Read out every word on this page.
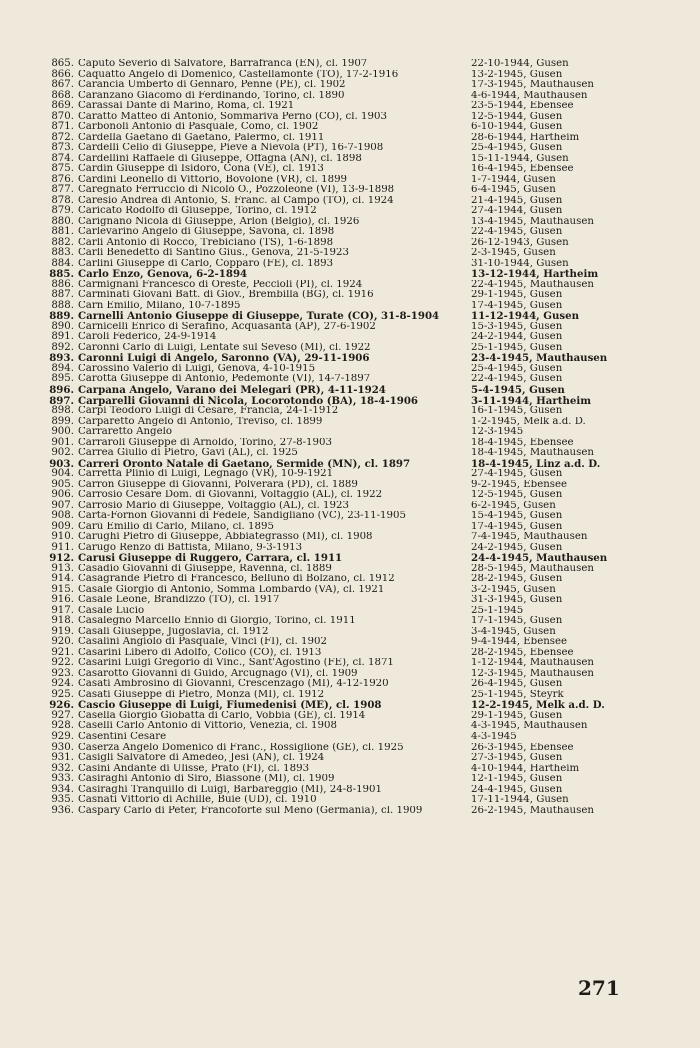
865. Caputo Severio di Salvatore, Barrafranca (EN), cl. 1907	22-10-1944, Gusen
866. Caquatto Angelo di Domenico, Castellamonte (TO), 17-2-1916	13-2-1945, Gusen
867. Carancia Umberto di Gennaro, Penne (PE), cl. 1902	17-3-1945, Mauthausen
868. Caranzano Giacomo di Ferdinando, Torino, cl. 1890	4-6-1944, Mauthausen
869. Carassai Dante di Marino, Roma, cl. 1921	23-5-1944, Ebensee
870. Caratto Matteo di Antonio, Sommariva Perno (CO), cl. 1903	12-5-1944, Gusen
871. Carbonoli Antonio di Pasquale, Como, cl. 1902	6-10-1944, Gusen
872. Cardella Gaetano di Gaetano, Palermo, cl. 1911	28-6-1944, Hartheim
873. Cardelli Celio di Giuseppe, Pieve a Nievola (PT), 16-7-1908	25-4-1945, Gusen
874. Cardellini Raffaele di Giuseppe, Offagna (AN), cl. 1898	15-11-1944, Gusen
875. Cardin Giuseppe di Isidoro, Cona (VE), cl. 1913	16-4-1945, Ebensee
876. Cardini Leonello di Vittorio, Bovolone (VR), cl. 1899	1-7-1944, Gusen
877. Caregnato Ferruccio di Nicolò O., Pozzoleone (VI), 13-9-1898	6-4-1945, Gusen
878. Caresio Andrea di Antonio, S. Franc. al Campo (TO), cl. 1924	21-4-1945, Gusen
879. Caricato Rodolfo di Giuseppe, Torino, cl. 1912	27-4-1944, Gusen
880. Carignano Nicola di Giuseppe, Arlon (Belgio), cl. 1926	13-4-1945, Mauthausen
881. Carlevarino Angelo di Giuseppe, Savona, cl. 1898	22-4-1945, Gusen
882. Carli Antonio di Rocco, Trebiciano (TS), 1-6-1898	26-12-1943, Gusen
883. Carli Benedetto di Santino Gius., Genova, 21-5-1923	2-3-1945, Gusen
884. Carlini Giuseppe di Carlo, Copparo (FE), cl. 1893	31-10-1944, Gusen
885. Carlo Enzo, Genova, 6-2-1894	13-12-1944, Hartheim
886. Carmignani Francesco di Oreste, Peccioli (PI), cl. 1924	22-4-1945, Mauthausen
887. Carminati Giovani Batt. di Giov., Brembilla (BG), cl. 1916	29-1-1945, Gusen
888. Carn Emilio, Milano, 10-7-1895	17-4-1945, Gusen
889. Carnelli Antonio Giuseppe di Giuseppe, Turate (CO), 31-8-1904	11-12-1944, Gusen
890. Carnicelli Enrico di Serafino, Acquasanta (AP), 27-6-1902	15-3-1945, Gusen
891. Caroli Federico, 24-9-1914	24-2-1944, Gusen
892. Caronni Carlo di Luigi, Lentate sul Seveso (MI), cl. 1922	25-1-1945, Gusen
893. Caronni Luigi di Angelo, Saronno (VA), 29-11-1906	23-4-1945, Mauthausen
894. Carossino Valerio di Luigi, Genova, 4-10-1915	25-4-1945, Gusen
895. Carotta Giuseppe di Antonio, Pedemonte (VI), 14-7-1897	22-4-1945, Gusen
896. Carpana Angelo, Varano dei Melegari (PR), 4-11-1924	5-4-1945, Gusen
897. Carparelli Giovanni di Nicola, Locorotondo (BA), 18-4-1906	3-11-1944, Hartheim
898. Carpi Teodoro Luigi di Cesare, Francia, 24-1-1912	16-1-1945, Gusen
899. Carparetto Angelo di Antonio, Treviso, cl. 1899	1-2-1945, Melk a.d. D.
900. Carraretto Angelo	12-3-1945
901. Carraroli Giuseppe di Arnoldo, Torino, 27-8-1903	18-4-1945, Ebensee
902. Carrea Giulio di Pietro, Gavi (AL), cl. 1925	18-4-1945, Mauthausen
903. Carreri Oronto Natale di Gaetano, Sermide (MN), cl. 1897	18-4-1945, Linz a.d. D.
904. Carretta Plinio di Luigi, Legnago (VR), 10-9-1921	27-4-1945, Gusen
905. Carron Giuseppe di Giovanni, Polverara (PD), cl. 1889	9-2-1945, Ebensee
906. Carrosio Cesare Dom. di Giovanni, Voltaggio (AL), cl. 1922	12-5-1945, Gusen
907. Carrosio Mario di Giuseppe, Voltaggio (AL), cl. 1923	6-2-1945, Gusen
908. Carta-Fornon Giovanni di Fedele, Sandigliano (VC), 23-11-1905	15-4-1945, Gusen
909. Carù Emilio di Carlo, Milano, cl. 1895	17-4-1945, Gusen
910. Carughi Pietro di Giuseppe, Abbiategrasso (MI), cl. 1908	7-4-1945, Mauthausen
911. Carugo Renzo di Battista, Milano, 9-3-1913	24-2-1945, Gusen
912. Carusi Giuseppe di Ruggero, Carrara, cl. 1911	24-4-1945, Mauthausen
913. Casadio Giovanni di Giuseppe, Ravenna, cl. 1889	28-5-1945, Mauthausen
914. Casagrande Pietro di Francesco, Belluno di Bolzano, cl. 1912	28-2-1945, Gusen
915. Casale Giorgio di Antonio, Somma Lombardo (VA), cl. 1921	3-2-1945, Gusen
916. Casale Leone, Brandizzo (TO), cl. 1917	31-3-1945, Gusen
917. Casale Lucio	25-1-1945
918. Casalegno Marcello Ennio di Giorgio, Torino, cl. 1911	17-1-1945, Gusen
919. Casali Giuseppe, Jugoslavia, cl. 1912	3-4-1945, Gusen
920. Casalini Angiolo di Pasquale, Vinci (FI), cl. 1902	9-4-1944, Ebensee
921. Casarini Libero di Adolfo, Colico (CO), cl. 1913	28-2-1945, Ebensee
922. Casarini Luigi Gregorio di Vinc., Sant'Agostino (FE), cl. 1871	1-12-1944, Mauthausen
923. Casarotto Giovanni di Guido, Arcugnago (VI), cl. 1909	12-3-1945, Mauthausen
924. Casati Ambrosino di Giovanni, Crescenzago (MI), 4-12-1920	26-4-1945, Gusen
925. Casati Giuseppe di Pietro, Monza (MI), cl. 1912	25-1-1945, Steyrk
926. Cascio Giuseppe di Luigi, Fiumedenisi (ME), cl. 1908	12-2-1945, Melk a.d. D.
927. Casella Giorgio Giobatta di Carlo, Vobbia (GE), cl. 1914	29-1-1945, Gusen
928. Caselli Carlo Antonio di Vittorio, Venezia, cl. 1908	4-3-1945, Mauthausen
929. Casentini Cesare	4-3-1945
930. Caserza Angelo Domenico di Franc., Rossiglione (GE), cl. 1925	26-3-1945, Ebensee
931. Casigli Salvatore di Amedeo, Jesi (AN), cl. 1924	27-3-1945, Gusen
932. Casini Andante di Ulisse, Prato (FI), cl. 1893	4-10-1944, Hartheim
933. Casiraghi Antonio di Siro, Biassone (MI), cl. 1909	12-1-1945, Gusen
934. Casiraghi Tranquillo di Luigi, Barbareggio (MI), 24-8-1901	24-4-1945, Gusen
935. Casnati Vittorio di Achille, Buie (UD), cl. 1910	17-11-1944, Gusen
936. Caspary Carlo di Peter, Francoforte sul Meno (Germania), cl. 1909	26-2-1945, Mauthausen
271
